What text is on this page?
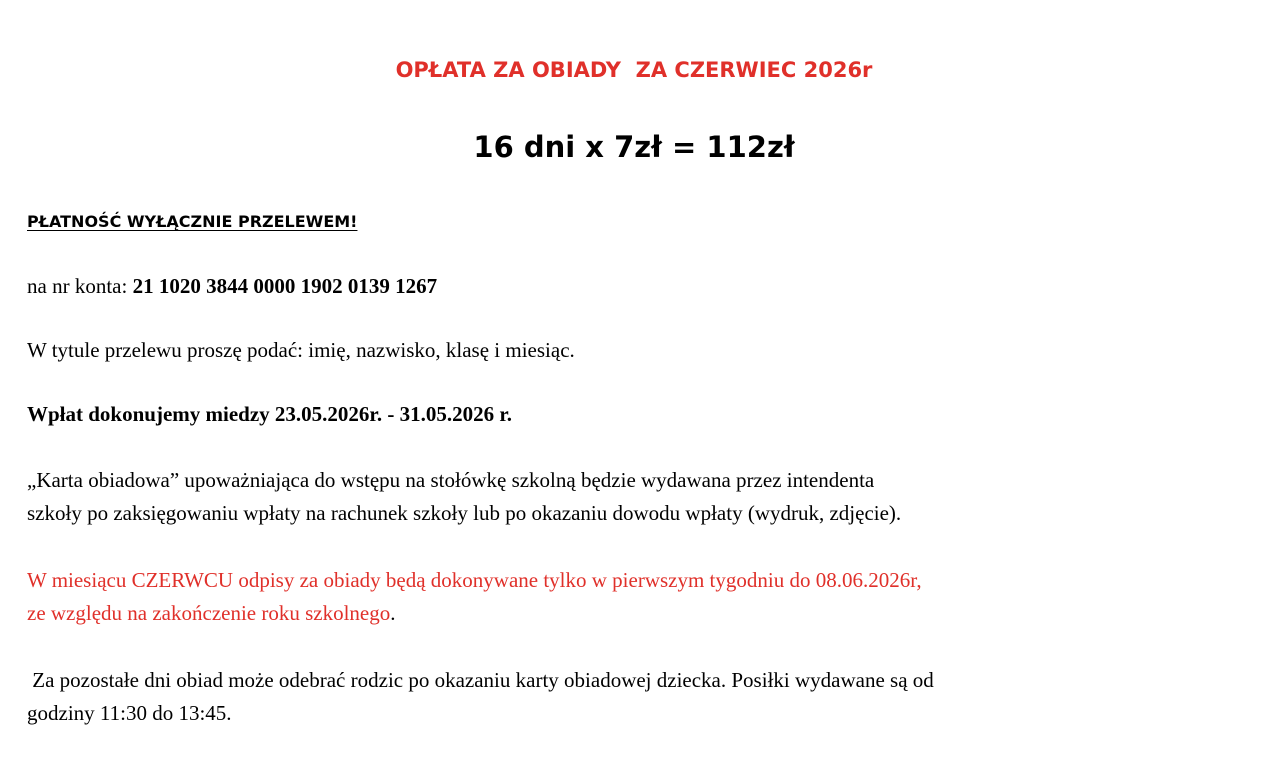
OPŁATA ZA OBIADY  ZA CZERWIEC 2026r
16 dni x 7zł = 112zł
PŁATNOŚĆ WYŁĄCZNIE PRZELEWEM!
na nr konta: 21 1020 3844 0000 1902 0139 1267
W tytule przelewu proszę podać: imię, nazwisko, klasę i miesiąc.
Wpłat dokonujemy miedzy 23.05.2026r. - 31.05.2026 r.
„Karta obiadowa” upoważniająca do wstępu na stołówkę szkolną będzie wydawana przez intendenta
szkoły po zaksięgowaniu wpłaty na rachunek szkoły lub po okazaniu dowodu wpłaty (wydruk, zdjęcie).
W miesiącu CZERWCU odpisy za obiady będą dokonywane tylko w pierwszym tygodniu do 08.06.2026r,
ze względu na zakończenie roku szkolnego.
Za pozostałe dni obiad może odebrać rodzic po okazaniu karty obiadowej dziecka. Posiłki wydawane są od
godziny 11:30 do 13:45.
